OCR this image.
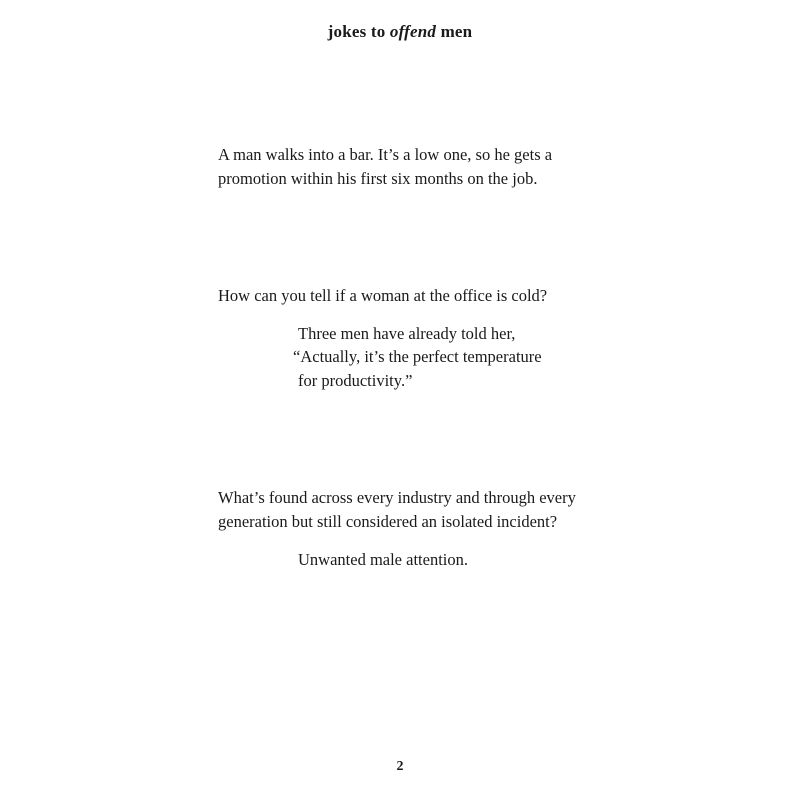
jokes to offend men
A man walks into a bar. It’s a low one, so he gets a
promotion within his first six months on the job.
How can you tell if a woman at the office is cold?
Three men have already told her,
“Actually, it’s the perfect temperature
for productivity.”
What’s found across every industry and through every
generation but still considered an isolated incident?
Unwanted male attention.
2
